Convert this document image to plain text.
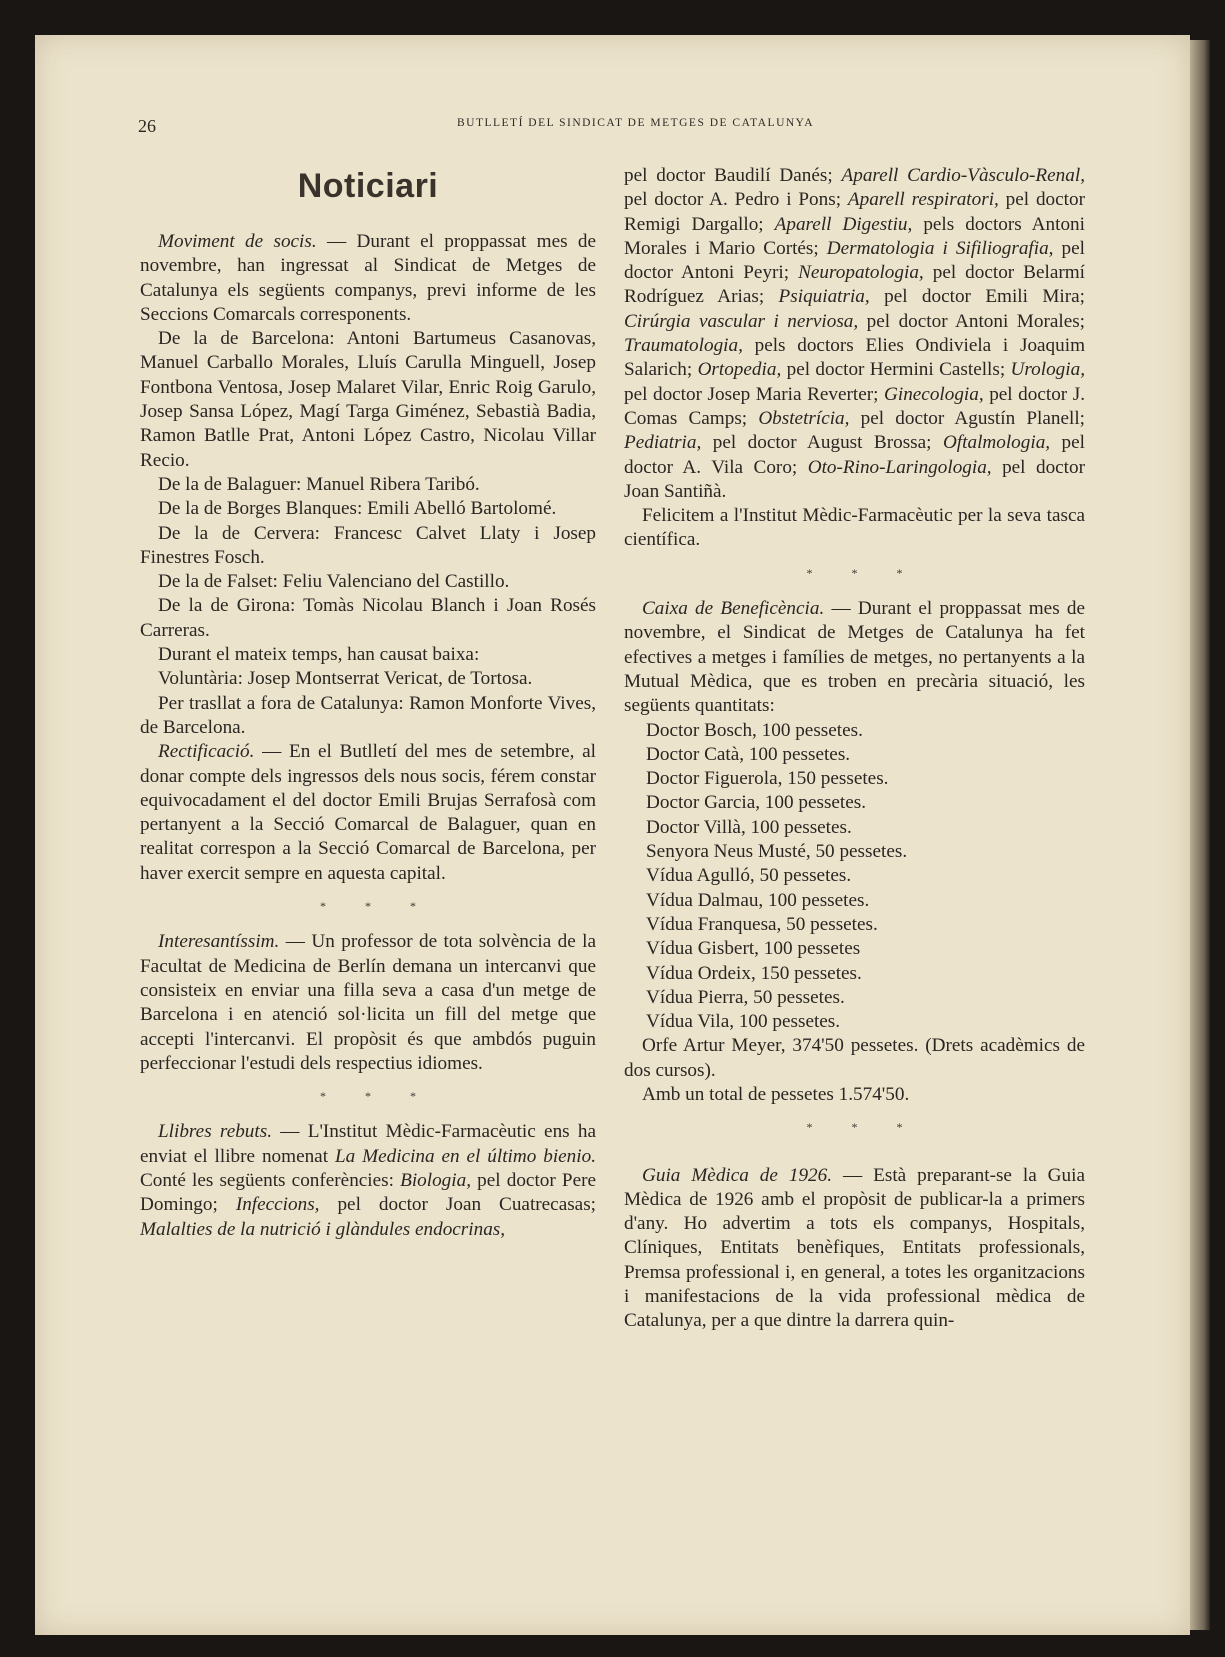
26	BUTLLETÍ DEL SINDICAT DE METGES DE CATALUNYA
Noticiari

Moviment de socis. — Durant el proppassat mes de novembre, han ingressat al Sindicat de Metges de Catalunya els següents companys, previ informe de les Seccions Comarcals corresponents.

De la de Barcelona: Antoni Bartumeus Casanovas, Manuel Carballo Morales, Lluís Carulla Minguell, Josep Fontbona Ventosa, Josep Malaret Vilar, Enric Roig Garulo, Josep Sansa López, Magí Targa Giménez, Sebastià Badia, Ramon Batlle Prat, Antoni López Castro, Nicolau Villar Recio.

De la de Balaguer: Manuel Ribera Taribó.

De la de Borges Blanques: Emili Abelló Bartolomé.

De la de Cervera: Francesc Calvet Llaty i Josep Finestres Fosch.

De la de Falset: Feliu Valenciano del Castillo.

De la de Girona: Tomàs Nicolau Blanch i Joan Rosés Carreras.

Durant el mateix temps, han causat baixa:

Voluntària: Josep Montserrat Vericat, de Tortosa.

Per trasllat a fora de Catalunya: Ramon Monforte Vives, de Barcelona.

Rectificació. — En el Butlletí del mes de setembre, al donar compte dels ingressos dels nous socis, férem constar equivocadament el del doctor Emili Brujas Serrafosà com pertanyent a la Secció Comarcal de Balaguer, quan en realitat correspon a la Secció Comarcal de Barcelona, per haver exercit sempre en aquesta capital.

* * *

Interesantíssim. — Un professor de tota solvència de la Facultat de Medicina de Berlín demana un intercanvi que consisteix en enviar una filla seva a casa d'un metge de Barcelona i en atenció sol·licita un fill del metge que accepti l'intercanvi. El propòsit és que ambdós puguin perfeccionar l'estudi dels respectius idiomes.

* * *

Llibres rebuts. — L'Institut Mèdic-Farmacèutic ens ha enviat el llibre nomenat La Medicina en el último bienio. Conté les següents conferències: Biologia, pel doctor Pere Domingo; Infeccions, pel doctor Joan Cuatrecasas; Malalties de la nutrició i glàndules endocrinas,

pel doctor Baudilí Danés; Aparell Cardio-Vàsculo-Renal, pel doctor A. Pedro i Pons; Aparell respiratori, pel doctor Remigi Dargallo; Aparell Digestiu, pels doctors Antoni Morales i Mario Cortés; Dermatologia i Sifiliografia, pel doctor Antoni Peyri; Neuropatologia, pel doctor Belarmí Rodríguez Arias; Psiquiatria, pel doctor Emili Mira; Cirúrgia vascular i nerviosa, pel doctor Antoni Morales; Traumatologia, pels doctors Elies Ondiviela i Joaquim Salarich; Ortopedia, pel doctor Hermini Castells; Urologia, pel doctor Josep Maria Reverter; Ginecologia, pel doctor J. Comas Camps; Obstetrícia, pel doctor Agustín Planell; Pediatria, pel doctor August Brossa; Oftalmologia, pel doctor A. Vila Coro; Oto-Rino-Laringologia, pel doctor Joan Santiñà.

Felicitem a l'Institut Mèdic-Farmacèutic per la seva tasca científica.

* * *

Caixa de Beneficència. — Durant el proppassat mes de novembre, el Sindicat de Metges de Catalunya ha fet efectives a metges i famílies de metges, no pertanyents a la Mutual Mèdica, que es troben en precària situació, les següents quantitats:

Doctor Bosch, 100 pessetes.

Doctor Catà, 100 pessetes.

Doctor Figuerola, 150 pessetes.

Doctor Garcia, 100 pessetes.

Doctor Villà, 100 pessetes.

Senyora Neus Musté, 50 pessetes.

Vídua Agulló, 50 pessetes.

Vídua Dalmau, 100 pessetes.

Vídua Franquesa, 50 pessetes.

Vídua Gisbert, 100 pessetes

Vídua Ordeix, 150 pessetes.

Vídua Pierra, 50 pessetes.

Vídua Vila, 100 pessetes.

Orfe Artur Meyer, 374'50 pessetes. (Drets acadèmics de dos cursos).

Amb un total de pessetes 1.574'50.

* * *

Guia Mèdica de 1926. — Està preparant-se la Guia Mèdica de 1926 amb el propòsit de publicar-la a primers d'any. Ho advertim a tots els companys, Hospitals, Clíniques, Entitats benèfiques, Entitats professionals, Premsa professional i, en general, a totes les organitzacions i manifestacions de la vida professional mèdica de Catalunya, per a que dintre la darrera quin-
